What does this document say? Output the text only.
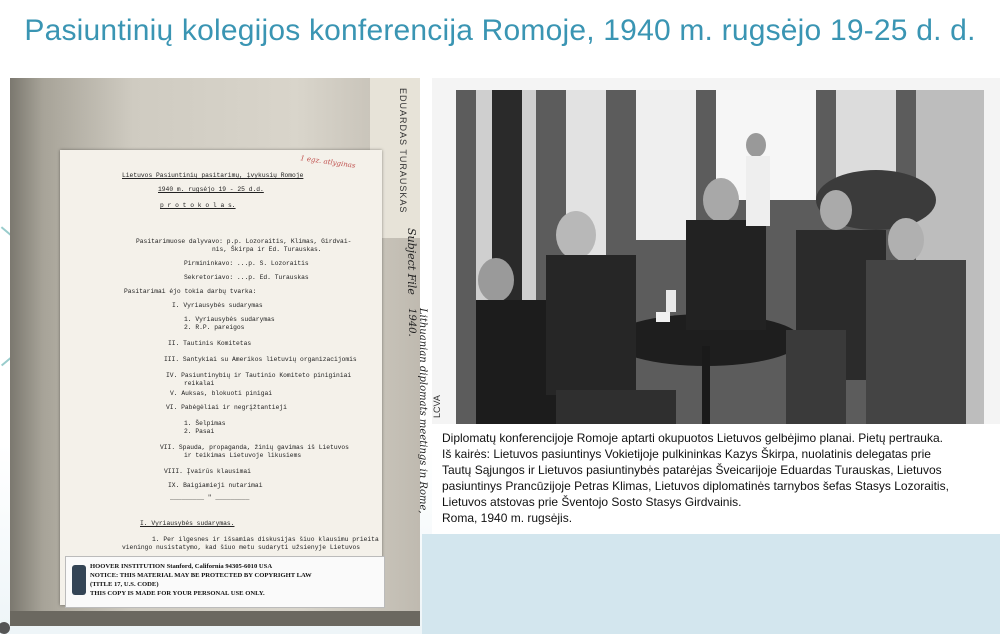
Pasiuntinių kolegijos konferencija Romoje, 1940 m. rugsėjo 19-25 d. d.
EDUARDAS TURAUSKAS
1 egz. atlyginas
Lietuvos Pasiuntinių pasitarimų, įvykusių Romoje
1940 m. rugsėjo 19 - 25 d.d.
p r o t o k o l a s.
Pasitarimuose dalyvavo: p.p. Lozoraitis, Klimas, Girdvai-
nis, Škirpa ir Ed. Turauskas.
Pirmininkavo: ...p. S. Lozoraitis
Sekretoriavo: ...p. Ed. Turauskas
Pasitarimai ėjo tokia darbų tvarka:
I. Vyriausybės sudarymas
1. Vyriausybės sudarymas
2. R.P. pareigos
II. Tautinis Komitetas
III. Santykiai su Amerikos lietuvių organizacijomis
IV. Pasiuntinybių ir Tautinio Komiteto piniginiai
reikalai
V. Auksas, blokuoti pinigai
VI. Pabėgėliai ir negrįžtantieji
1. Šelpimas
2. Pasai
VII. Spauda, propaganda, žinių gavimas iš Lietuvos
ir teikimas Lietuvoje likusiems
VIII. Įvairūs klausimai
IX. Baigiamieji nutarimai
_________ " _________
I. Vyriausybės sudarymas.
1. Per ilgesnes ir išsamias diskusijas šiuo klausimu prieita
vieningo nusistatymo, kad šiuo metu sudaryti užsienyje Lietuvos
Subject File
Lithuanian diplomats meetings in Rome, 1940.
HOOVER INSTITUTION Stanford, California 94305-6010 USA
NOTICE: THIS MATERIAL MAY BE PROTECTED BY COPYRIGHT LAW
(TITLE 17, U.S. CODE)
THIS COPY IS MADE FOR YOUR PERSONAL USE ONLY.
LCVA
Diplomatų konferencijoje Romoje aptarti okupuotos Lietuvos gelbėjimo planai. Pietų pertrauka.
Iš kairės: Lietuvos pasiuntinys Vokietijoje pulkininkas Kazys Škirpa, nuolatinis delegatas prie
Tautų Sąjungos ir Lietuvos pasiuntinybės patarėjas Šveicarijoje Eduardas Turauskas, Lietuvos
pasiuntinys Prancūzijoje Petras Klimas, Lietuvos diplomatinės tarnybos šefas Stasys Lozoraitis,
Lietuvos atstovas prie Šventojo Sosto Stasys Girdvainis.
Roma, 1940 m. rugsėjis.
